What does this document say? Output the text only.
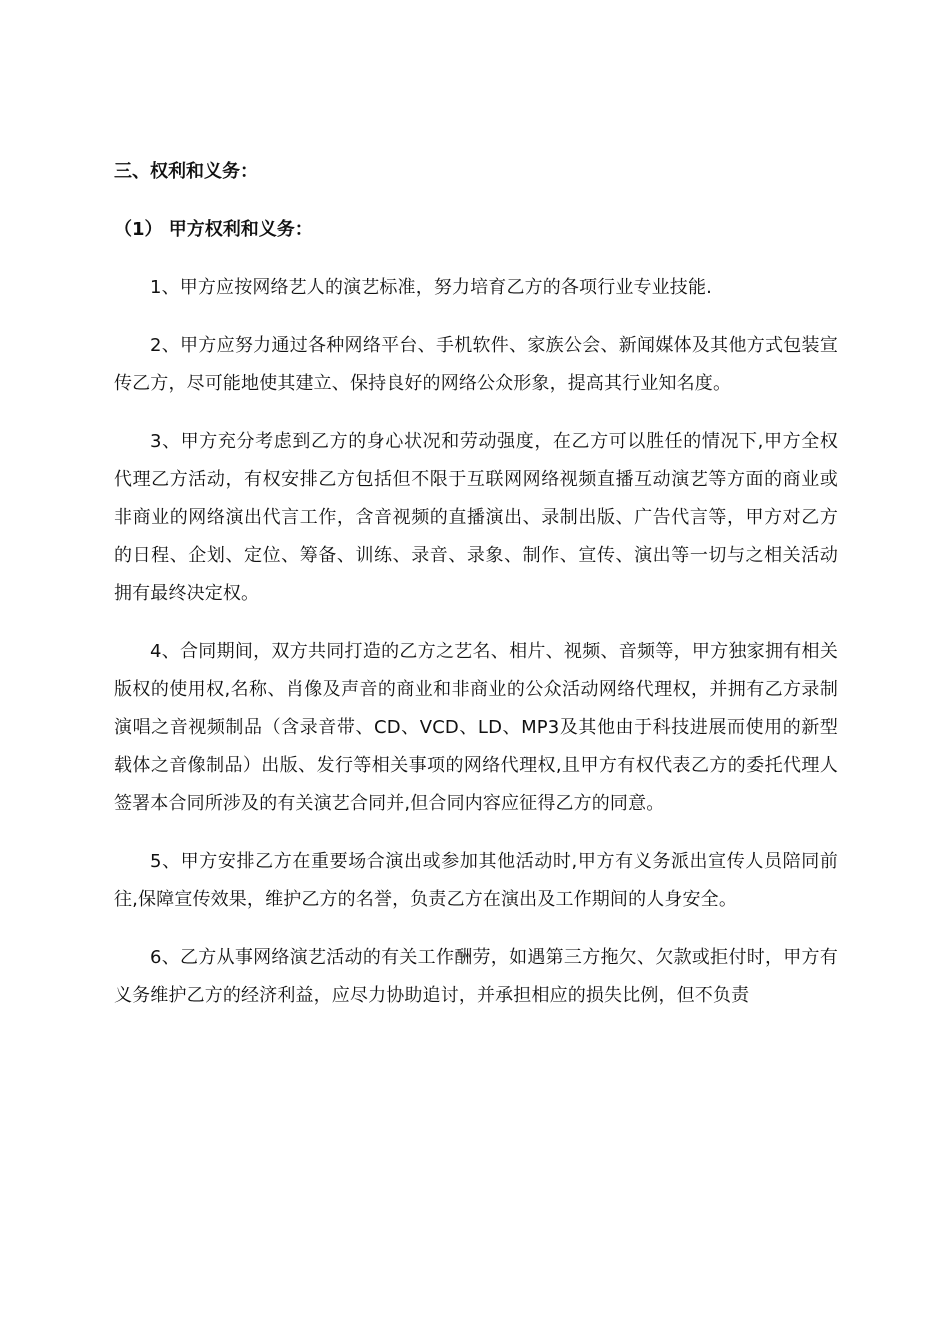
三、权利和义务：

（1） 甲方权利和义务：

1、甲方应按网络艺人的演艺标准，努力培育乙方的各项行业专业技能.

2、甲方应努力通过各种网络平台、手机软件、家族公会、新闻媒体及其他方式包装宣传乙方，尽可能地使其建立、保持良好的网络公众形象，提高其行业知名度。

3、甲方充分考虑到乙方的身心状况和劳动强度，在乙方可以胜任的情况下,甲方全权代理乙方活动，有权安排乙方包括但不限于互联网网络视频直播互动演艺等方面的商业或非商业的网络演出代言工作，含音视频的直播演出、录制出版、广告代言等，甲方对乙方的日程、企划、定位、筹备、训练、录音、录象、制作、宣传、演出等一切与之相关活动拥有最终决定权。

4、合同期间，双方共同打造的乙方之艺名、相片、视频、音频等，甲方独家拥有相关版权的使用权,名称、肖像及声音的商业和非商业的公众活动网络代理权，并拥有乙方录制演唱之音视频制品（含录音带、CD、VCD、LD、MP3及其他由于科技进展而使用的新型载体之音像制品）出版、发行等相关事项的网络代理权,且甲方有权代表乙方的委托代理人签署本合同所涉及的有关演艺合同并,但合同内容应征得乙方的同意。

5、甲方安排乙方在重要场合演出或参加其他活动时,甲方有义务派出宣传人员陪同前往,保障宣传效果，维护乙方的名誉，负责乙方在演出及工作期间的人身安全。

6、乙方从事网络演艺活动的有关工作酬劳，如遇第三方拖欠、欠款或拒付时，甲方有义务维护乙方的经济利益，应尽力协助追讨，并承担相应的损失比例，但不负责
